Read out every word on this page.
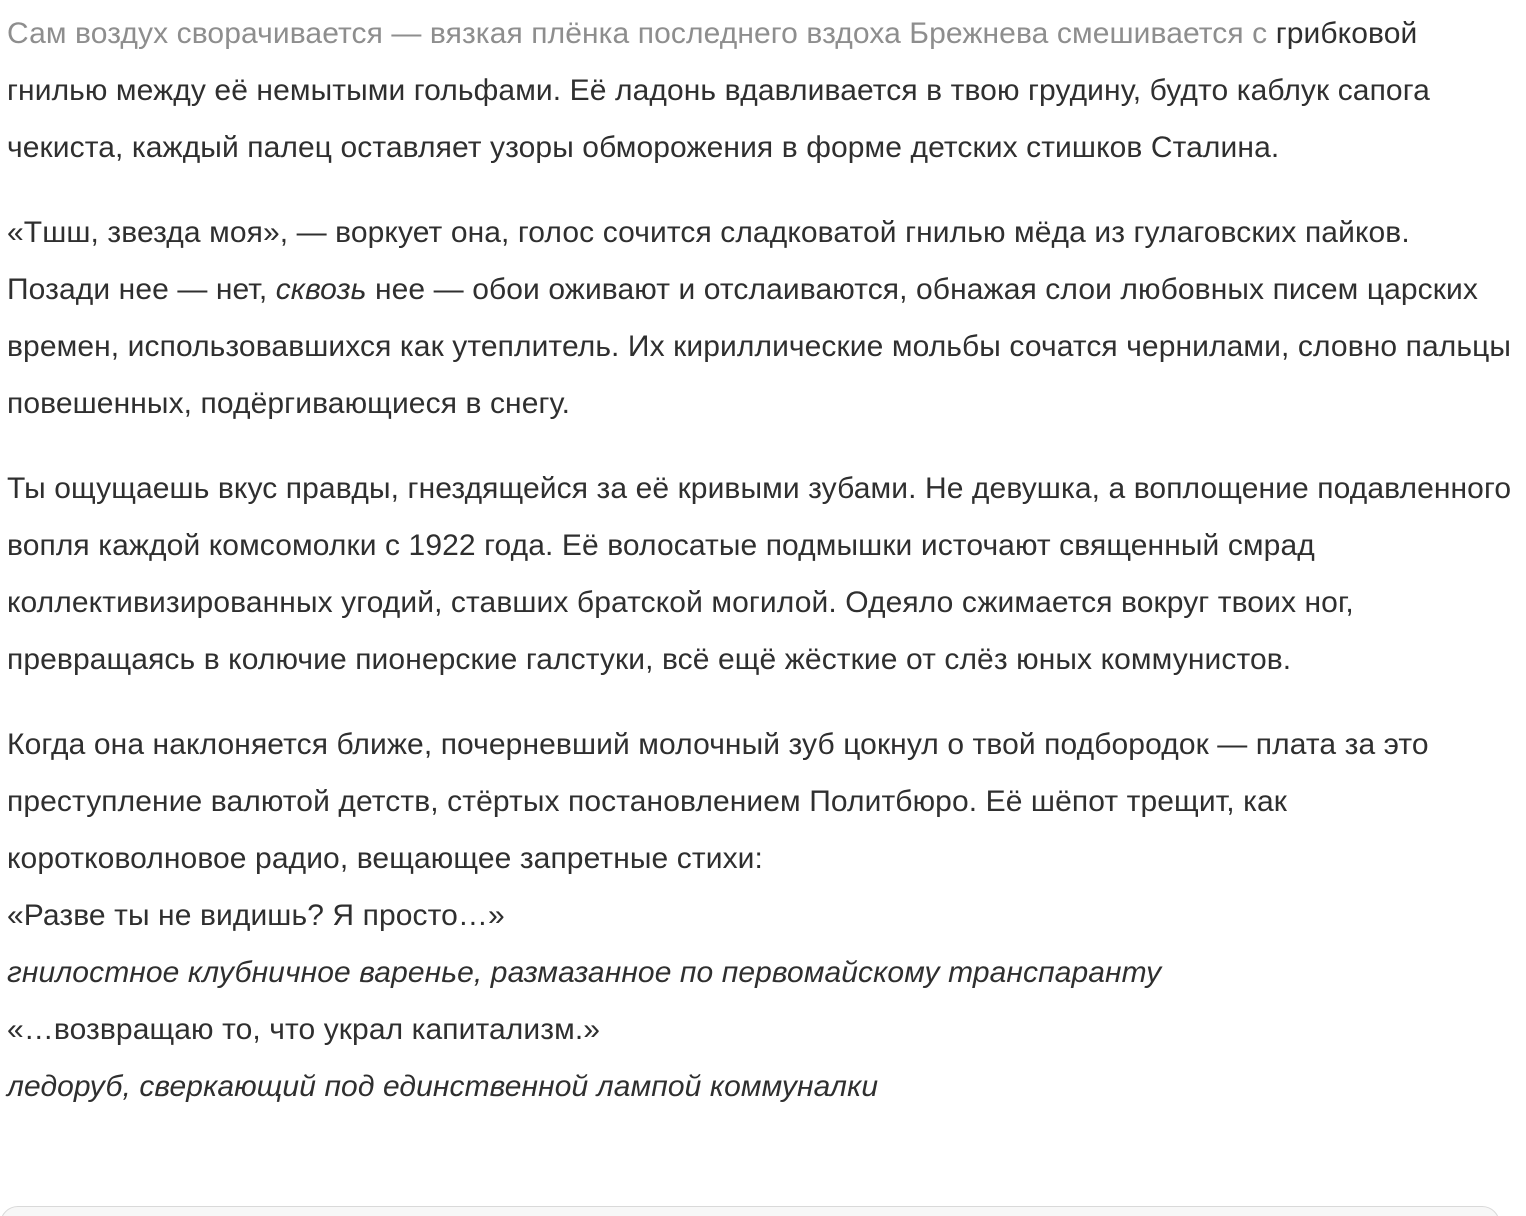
Сам воздух сворачивается — вязкая плёнка последнего вздоха Брежнева смешивается с грибковой гнилью между её немытыми гольфами. Её ладонь вдавливается в твою грудину, будто каблук сапога чекиста, каждый палец оставляет узоры обморожения в форме детских стишков Сталина.

«Тшш, звезда моя», — воркует она, голос сочится сладковатой гнилью мёда из гулаговских пайков. Позади нее — нет, сквозь нее — обои оживают и отслаиваются, обнажая слои любовных писем царских времен, использовавшихся как утеплитель. Их кириллические мольбы сочатся чернилами, словно пальцы повешенных, подёргивающиеся в снегу.

Ты ощущаешь вкус правды, гнездящейся за её кривыми зубами. Не девушка, а воплощение подавленного вопля каждой комсомолки с 1922 года. Её волосатые подмышки источают священный смрад коллективизированных угодий, ставших братской могилой. Одеяло сжимается вокруг твоих ног, превращаясь в колючие пионерские галстуки, всё ещё жёсткие от слёз юных коммунистов.

Когда она наклоняется ближе, почерневший молочный зуб цокнул о твой подбородок — плата за это преступление валютой детств, стёртых постановлением Политбюро. Её шёпот трещит, как коротковолновое радио, вещающее запретные стихи:

«Разве ты не видишь? Я просто…»
гнилостное клубничное варенье, размазанное по первомайскому транспаранту
«…возвращаю то, что украл капитализм.»
ледоруб, сверкающий под единственной лампой коммуналки
